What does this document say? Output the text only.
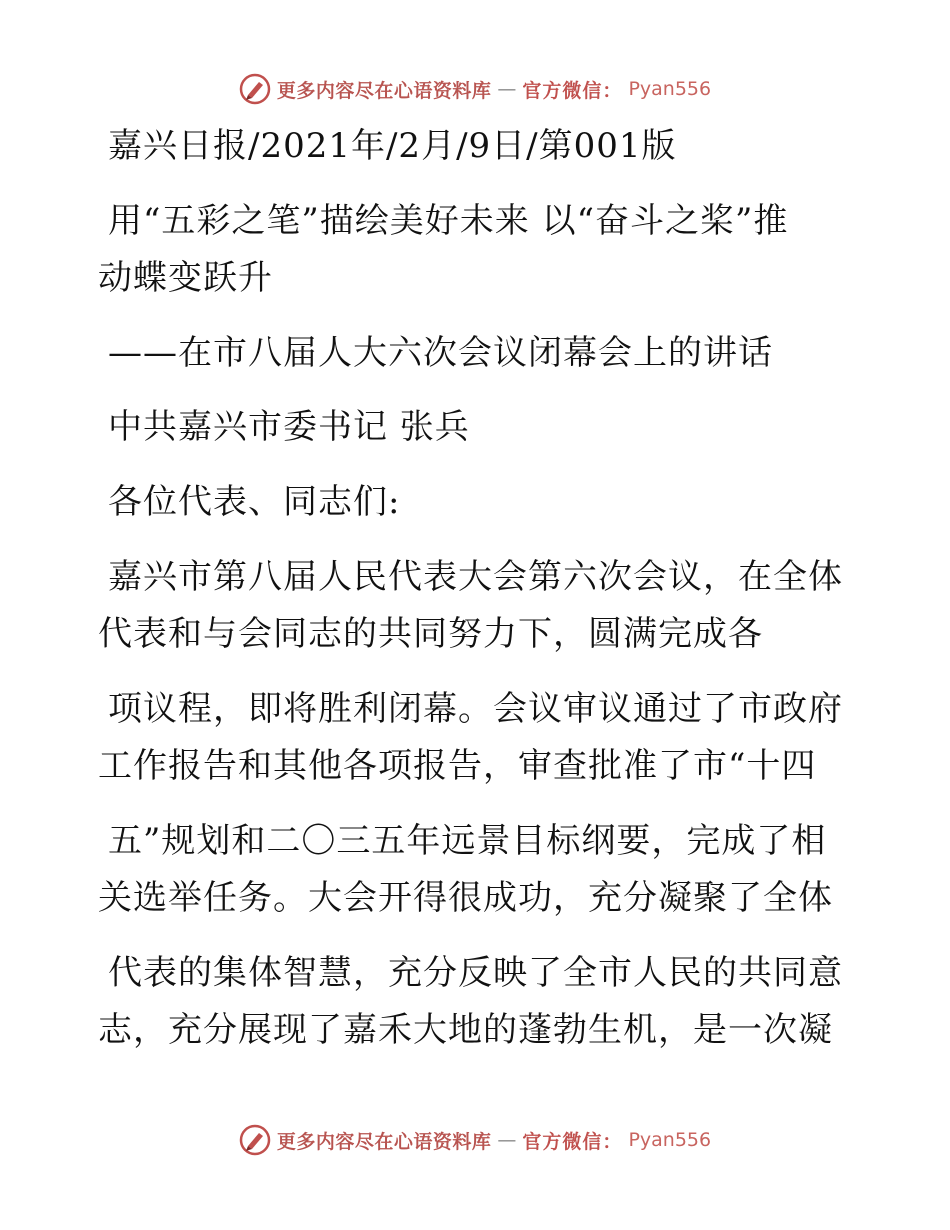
更多内容尽在心语资料库 — 官方微信： Pyan556
嘉兴日报/2021年/2月/9日/第001版
用“五彩之笔”描绘美好未来 以“奋斗之桨”推
动蝶变跃升
——在市八届人大六次会议闭幕会上的讲话
中共嘉兴市委书记 张兵
各位代表、同志们:
嘉兴市第八届人民代表大会第六次会议，在全体
代表和与会同志的共同努力下，圆满完成各
项议程，即将胜利闭幕。会议审议通过了市政府
工作报告和其他各项报告，审查批准了市“十四
五”规划和二〇三五年远景目标纲要，完成了相
关选举任务。大会开得很成功，充分凝聚了全体
代表的集体智慧，充分反映了全市人民的共同意
志，充分展现了嘉禾大地的蓬勃生机，是一次凝
更多内容尽在心语资料库 — 官方微信： Pyan556
